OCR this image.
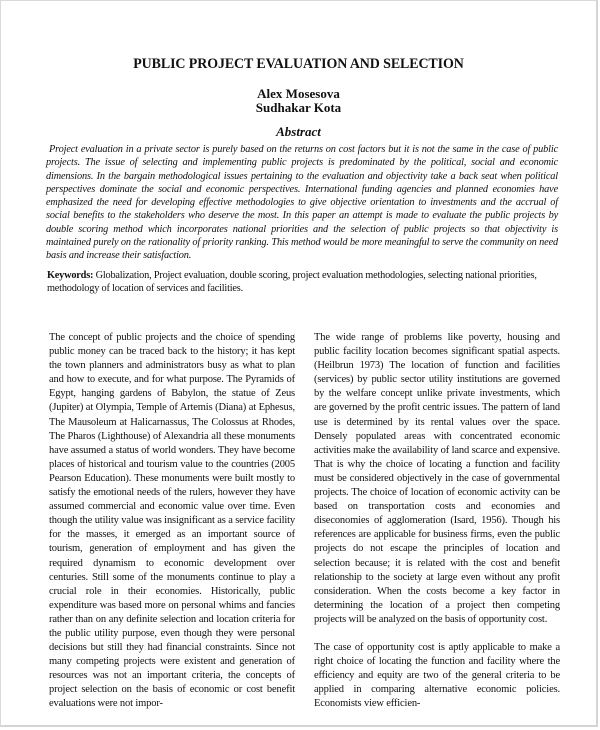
PUBLIC PROJECT EVALUATION AND SELECTION
Alex Mosesova
Sudhakar Kota
Abstract
Project evaluation in a private sector is purely based on the returns on cost factors but it is not the same in the case of public projects. The issue of selecting and implementing public projects is predominated by the political, social and economic dimensions. In the bargain methodological issues pertaining to the evaluation and objectivity take a back seat when political perspectives dominate the social and economic perspectives. International funding agencies and planned economies have emphasized the need for developing effective methodologies to give objective orientation to investments and the accrual of social benefits to the stakeholders who deserve the most. In this paper an attempt is made to evaluate the public projects by double scoring method which incorporates national priorities and the selection of public projects so that objectivity is maintained purely on the rationality of priority ranking. This method would be more meaningful to serve the community on need basis and increase their satisfaction.
Keywords: Globalization, Project evaluation, double scoring, project evaluation methodologies, selecting national priorities, methodology of location of services and facilities.

The concept of public projects and the choice of spending public money can be traced back to the history; it has kept the town planners and administrators busy as what to plan and how to execute, and for what purpose. The Pyramids of Egypt, hanging gardens of Babylon, the statue of Zeus (Jupiter) at Olympia, Temple of Artemis (Diana) at Ephesus, The Mausoleum at Halicarnassus, The Colossus at Rhodes, The Pharos (Lighthouse) of Alexandria all these monuments have assumed a status of world wonders. They have become places of historical and tourism value to the countries (2005 Pearson Education). These monuments were built mostly to satisfy the emotional needs of the rulers, however they have assumed commercial and economic value over time. Even though the utility value was insignificant as a service facility for the masses, it emerged as an important source of tourism, generation of employment and has given the required dynamism to economic development over centuries. Still some of the monuments continue to play a crucial role in their economies. Historically, public expenditure was based more on personal whims and fancies rather than on any definite selection and location criteria for the public utility purpose, even though they were personal decisions but still they had financial constraints. Since not many competing projects were existent and generation of resources was not an important criteria, the concepts of project selection on the basis of economic or cost benefit evaluations were not impor-

The wide range of problems like poverty, housing and public facility location becomes significant spatial aspects. (Heilbrun 1973) The location of function and facilities (services) by public sector utility institutions are governed by the welfare concept unlike private investments, which are governed by the profit centric issues. The pattern of land use is determined by its rental values over the space. Densely populated areas with concentrated economic activities make the availability of land scarce and expensive. That is why the choice of locating a function and facility must be considered objectively in the case of governmental projects. The choice of location of economic activity can be based on transportation costs and economies and diseconomies of agglomeration (Isard, 1956). Though his references are applicable for business firms, even the public projects do not escape the principles of location and selection because; it is related with the cost and benefit relationship to the society at large even without any profit consideration. When the costs become a key factor in determining the location of a project then competing projects will be analyzed on the basis of opportunity cost.

The case of opportunity cost is aptly applicable to make a right choice of locating the function and facility where the efficiency and equity are two of the general criteria to be applied in comparing alternative economic policies. Economists view efficien-
